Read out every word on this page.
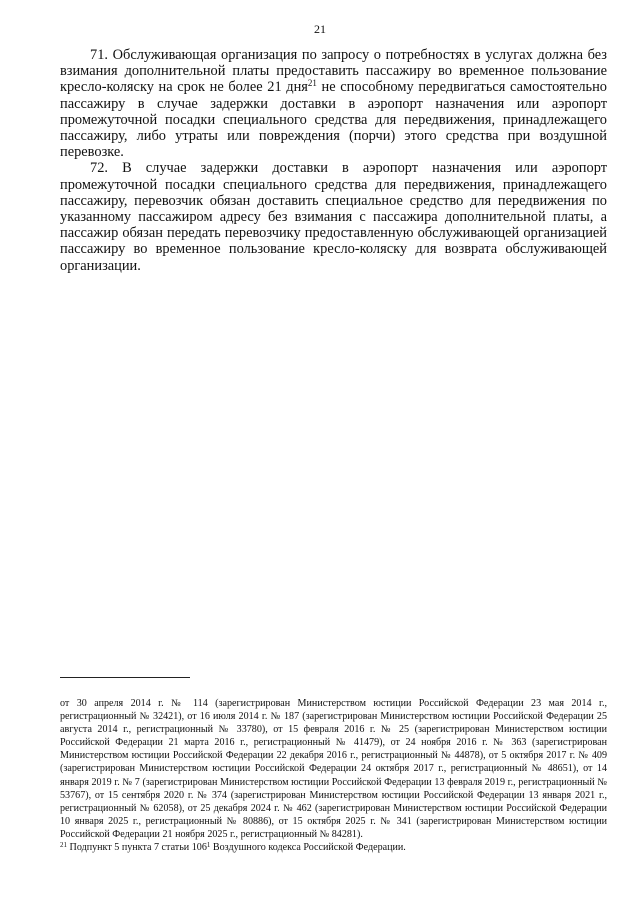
21

71. Обслуживающая организация по запросу о потребностях в услугах должна без взимания дополнительной платы предоставить пассажиру во временное пользование кресло-коляску на срок не более 21 дня$^{21}$ не способному передвигаться самостоятельно пассажиру в случае задержки доставки в аэропорт назначения или аэропорт промежуточной посадки специального средства для передвижения, принадлежащего пассажиру, либо утраты или повреждения (порчи) этого средства при воздушной перевозке.

72. В случае задержки доставки в аэропорт назначения или аэропорт промежуточной посадки специального средства для передвижения, принадлежащего пассажиру, перевозчик обязан доставить специальное средство для передвижения по указанному пассажиром адресу без взимания с пассажира дополнительной платы, а пассажир обязан передать перевозчику предоставленную обслуживающей организацией пассажиру во временное пользование кресло-коляску для возврата обслуживающей организации.

от 30 апреля 2014 г. № 114 (зарегистрирован Министерством юстиции Российской Федерации 23 мая 2014 г., регистрационный № 32421), от 16 июля 2014 г. № 187 (зарегистрирован Министерством юстиции Российской Федерации 25 августа 2014 г., регистрационный № 33780), от 15 февраля 2016 г. № 25 (зарегистрирован Министерством юстиции Российской Федерации 21 марта 2016 г., регистрационный № 41479), от 24 ноября 2016 г. № 363 (зарегистрирован Министерством юстиции Российской Федерации 22 декабря 2016 г., регистрационный № 44878), от 5 октября 2017 г. № 409 (зарегистрирован Министерством юстиции Российской Федерации 24 октября 2017 г., регистрационный № 48651), от 14 января 2019 г. № 7 (зарегистрирован Министерством юстиции Российской Федерации 13 февраля 2019 г., регистрационный № 53767), от 15 сентября 2020 г. № 374 (зарегистрирован Министерством юстиции Российской Федерации 13 января 2021 г., регистрационный № 62058), от 25 декабря 2024 г. № 462 (зарегистрирован Министерством юстиции Российской Федерации 10 января 2025 г., регистрационный № 80886), от 15 октября 2025 г. № 341 (зарегистрирован Министерством юстиции Российской Федерации 21 ноября 2025 г., регистрационный № 84281).

$^{21}$ Подпункт 5 пункта 7 статьи 106$^1$ Воздушного кодекса Российской Федерации.
